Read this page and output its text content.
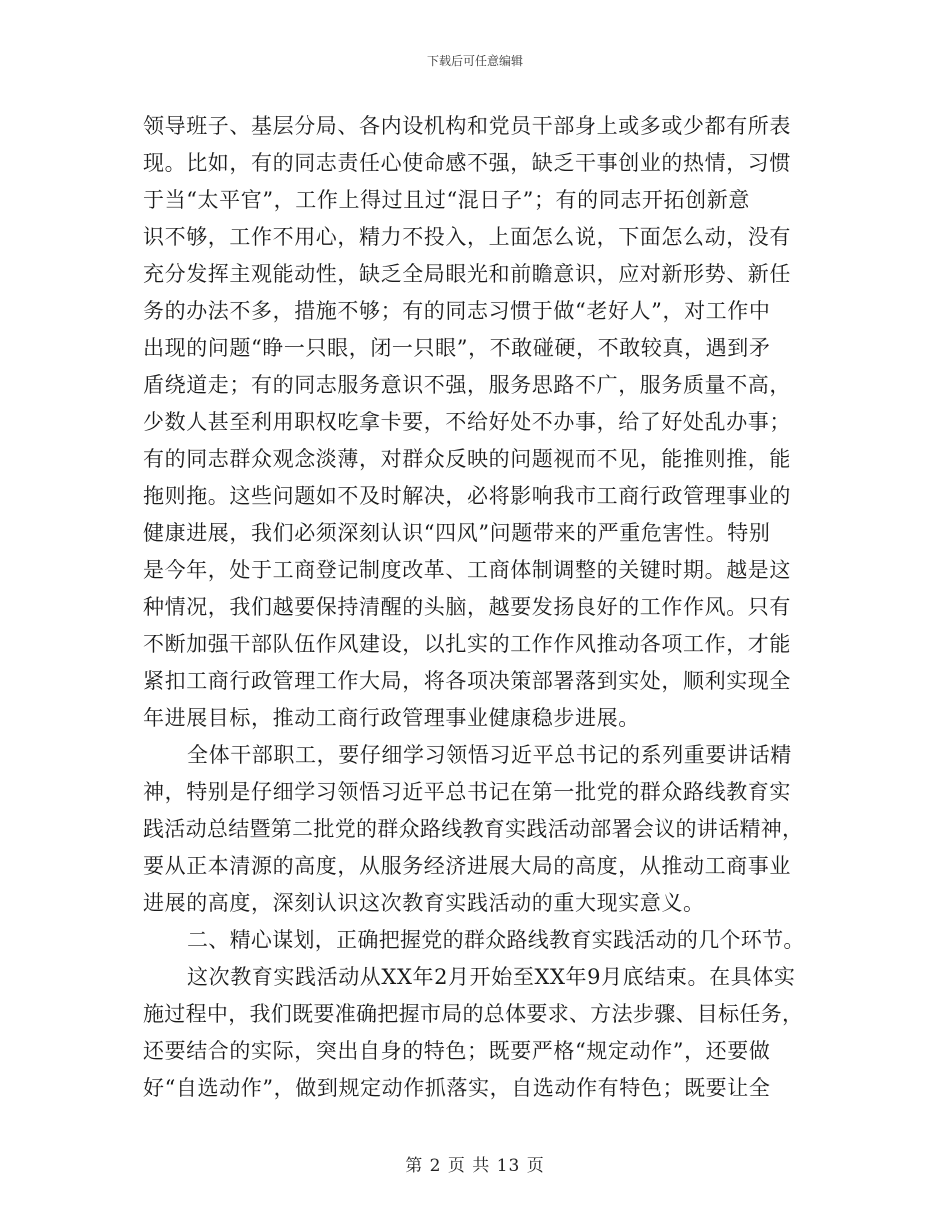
下载后可任意编辑
领导班子、基层分局、各内设机构和党员干部身上或多或少都有所表
现。比如，有的同志责任心使命感不强，缺乏干事创业的热情，习惯
于当“太平官”，工作上得过且过“混日子”；有的同志开拓创新意
识不够，工作不用心，精力不投入，上面怎么说，下面怎么动，没有
充分发挥主观能动性，缺乏全局眼光和前瞻意识，应对新形势、新任
务的办法不多，措施不够；有的同志习惯于做“老好人”，对工作中
出现的问题“睁一只眼，闭一只眼”，不敢碰硬，不敢较真，遇到矛
盾绕道走；有的同志服务意识不强，服务思路不广，服务质量不高，
少数人甚至利用职权吃拿卡要，不给好处不办事，给了好处乱办事；
有的同志群众观念淡薄，对群众反映的问题视而不见，能推则推，能
拖则拖。这些问题如不及时解决，必将影响我市工商行政管理事业的
健康进展，我们必须深刻认识“四风”问题带来的严重危害性。特别
是今年，处于工商登记制度改革、工商体制调整的关键时期。越是这
种情况，我们越要保持清醒的头脑，越要发扬良好的工作作风。只有
不断加强干部队伍作风建设，以扎实的工作作风推动各项工作，才能
紧扣工商行政管理工作大局，将各项决策部署落到实处，顺利实现全
年进展目标，推动工商行政管理事业健康稳步进展。
全体干部职工，要仔细学习领悟习近平总书记的系列重要讲话精
神，特别是仔细学习领悟习近平总书记在第一批党的群众路线教育实
践活动总结暨第二批党的群众路线教育实践活动部署会议的讲话精神，
要从正本清源的高度，从服务经济进展大局的高度，从推动工商事业
进展的高度，深刻认识这次教育实践活动的重大现实意义。
二、精心谋划，正确把握党的群众路线教育实践活动的几个环节。
这次教育实践活动从XX年2月开始至XX年9月底结束。在具体实
施过程中，我们既要准确把握市局的总体要求、方法步骤、目标任务，
还要结合的实际，突出自身的特色；既要严格“规定动作”，还要做
好“自选动作”，做到规定动作抓落实，自选动作有特色；既要让全
第 2 页 共 13 页
